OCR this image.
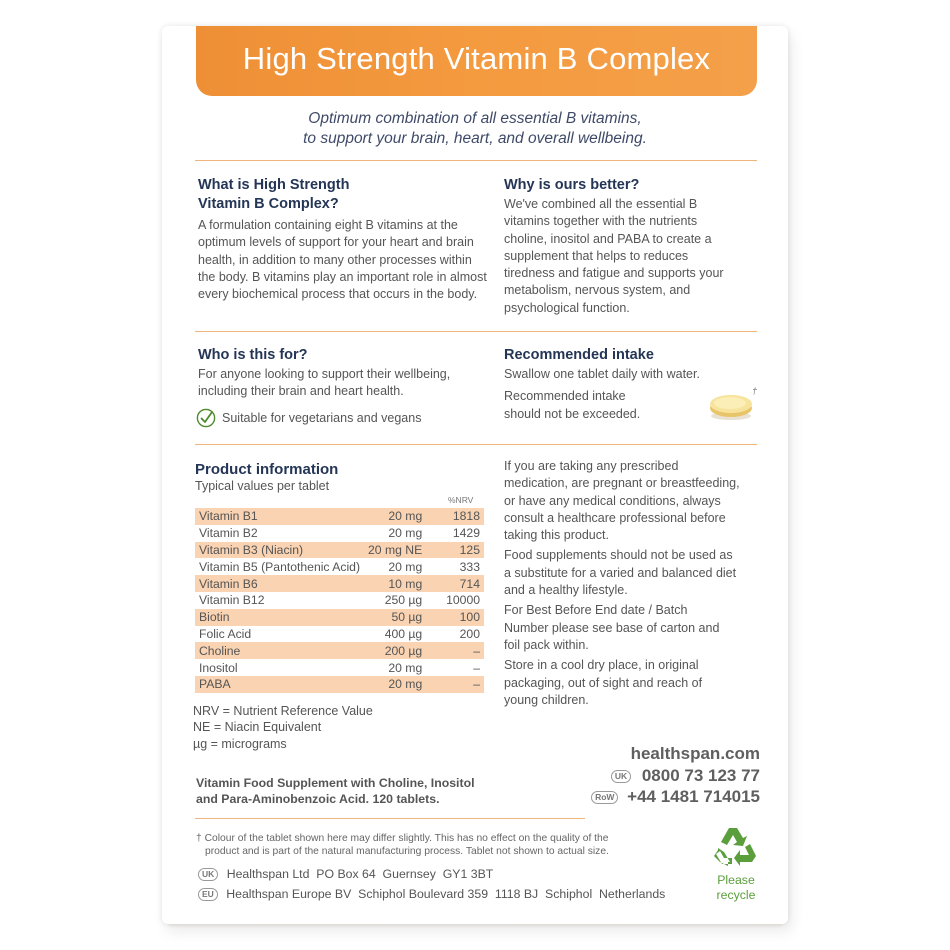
High Strength Vitamin B Complex
Optimum combination of all essential B vitamins,
to support your brain, heart, and overall wellbeing.
What is High Strength
Vitamin B Complex?

A formulation containing eight B vitamins at the optimum levels of support for your heart and brain health, in addition to many other processes within the body. B vitamins play an important role in almost every biochemical process that occurs in the body.

Why is ours better?

We've combined all the essential B vitamins together with the nutrients choline, inositol and PABA to create a supplement that helps to reduces tiredness and fatigue and supports your metabolism, nervous system, and psychological function.

Who is this for?

For anyone looking to support their wellbeing, including their brain and heart health.

Suitable for vegetarians and vegans
Recommended intake

Swallow one tablet daily with water.

Recommended intake should not be exceeded.

†
Product information
Typical values per tablet
%NRV
Vitamin B1	20 mg	1818
Vitamin B2	20 mg	1429
Vitamin B3 (Niacin)	20 mg NE	125
Vitamin B5 (Pantothenic Acid)	20 mg	333
Vitamin B6	10 mg	714
Vitamin B12	250 µg	10000
Biotin	50 µg	100
Folic Acid	400 µg	200
Choline	200 µg	–
Inositol	20 mg	–
PABA	20 mg	–
NRV = Nutrient Reference Value
NE = Niacin Equivalent
µg = micrograms

If you are taking any prescribed medication, are pregnant or breastfeeding, or have any medical conditions, always consult a healthcare professional before taking this product.

Food supplements should not be used as a substitute for a varied and balanced diet and a healthy lifestyle.

For Best Before End date / Batch Number please see base of carton and foil pack within.

Store in a cool dry place, in original packaging, out of sight and reach of young children.

healthspan.com
UK 0800 73 123 77
RoW +44 1481 714015
Vitamin Food Supplement with Choline, Inositol
and Para-Aminobenzoic Acid. 120 tablets.
† Colour of the tablet shown here may differ slightly. This has no effect on the quality of the
product and is part of the natural manufacturing process. Tablet not shown to actual size.
UK Healthspan Ltd  PO Box 64  Guernsey  GY1 3BT
EU Healthspan Europe BV  Schiphol Boulevard 359  1118 BJ  Schiphol  Netherlands
Please
recycle
